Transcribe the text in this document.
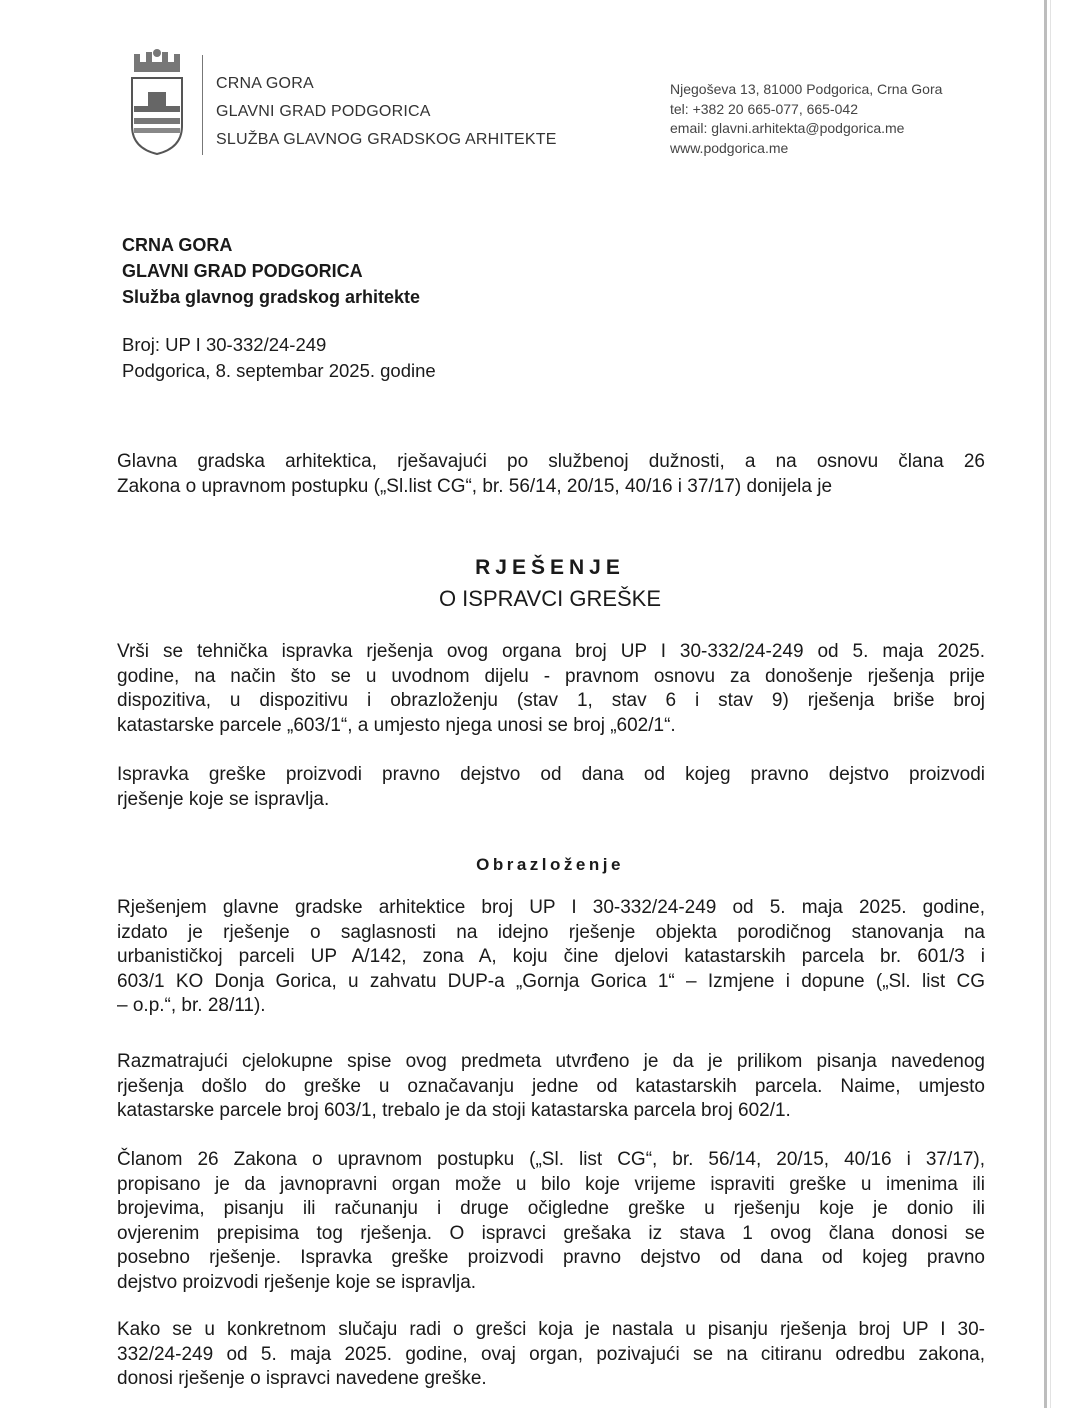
CRNA GORA
GLAVNI GRAD PODGORICA
SLUŽBA GLAVNOG GRADSKOG ARHITEKTE
Njegoševa 13, 81000 Podgorica, Crna Gora
tel: +382 20 665-077, 665-042
email: glavni.arhitekta@podgorica.me
www.podgorica.me
CRNA GORA
GLAVNI GRAD PODGORICA
Služba glavnog gradskog arhitekte
Broj: UP I 30-332/24-249
Podgorica, 8. septembar 2025. godine
Glavna gradska arhitektica, rješavajući po službenoj dužnosti, a na osnovu člana 26
Zakona o upravnom postupku („Sl.list CG“, br. 56/14, 20/15, 40/16 i 37/17) donijela je
RJEŠENJE
O ISPRAVCI GREŠKE
Vrši se tehnička ispravka rješenja ovog organa broj UP I 30-332/24-249 od 5. maja 2025.
godine, na način što se u uvodnom dijelu - pravnom osnovu za donošenje rješenja prije
dispozitiva, u dispozitivu i obrazloženju (stav 1, stav 6 i stav 9) rješenja briše broj
katastarske parcele „603/1“, a umjesto njega unosi se broj „602/1“.
Ispravka greške proizvodi pravno dejstvo od dana od kojeg pravno dejstvo proizvodi
rješenje koje se ispravlja.
Obrazloženje
Rješenjem glavne gradske arhitektice broj UP I 30-332/24-249 od 5. maja 2025. godine,
izdato je rješenje o saglasnosti na idejno rješenje objekta porodičnog stanovanja na
urbanističkoj parceli UP A/142, zona A, koju čine djelovi katastarskih parcela br. 601/3 i
603/1 KO Donja Gorica, u zahvatu DUP-a „Gornja Gorica 1“ – Izmjene i dopune („Sl. list CG
– o.p.“, br. 28/11).
Razmatrajući cjelokupne spise ovog predmeta utvrđeno je da je prilikom pisanja navedenog
rješenja došlo do greške u označavanju jedne od katastarskih parcela. Naime, umjesto
katastarske parcele broj 603/1, trebalo je da stoji katastarska parcela broj 602/1.
Članom 26 Zakona o upravnom postupku („Sl. list CG“, br. 56/14, 20/15, 40/16 i 37/17),
propisano je da javnopravni organ može u bilo koje vrijeme ispraviti greške u imenima ili
brojevima, pisanju ili računanju i druge očigledne greške u rješenju koje je donio ili
ovjerenim prepisima tog rješenja. O ispravci grešaka iz stava 1 ovog člana donosi se
posebno rješenje. Ispravka greške proizvodi pravno dejstvo od dana od kojeg pravno
dejstvo proizvodi rješenje koje se ispravlja.
Kako se u konkretnom slučaju radi o grešci koja je nastala u pisanju rješenja broj UP I 30-
332/24-249 od 5. maja 2025. godine, ovaj organ, pozivajući se na citiranu odredbu zakona,
donosi rješenje o ispravci navedene greške.
